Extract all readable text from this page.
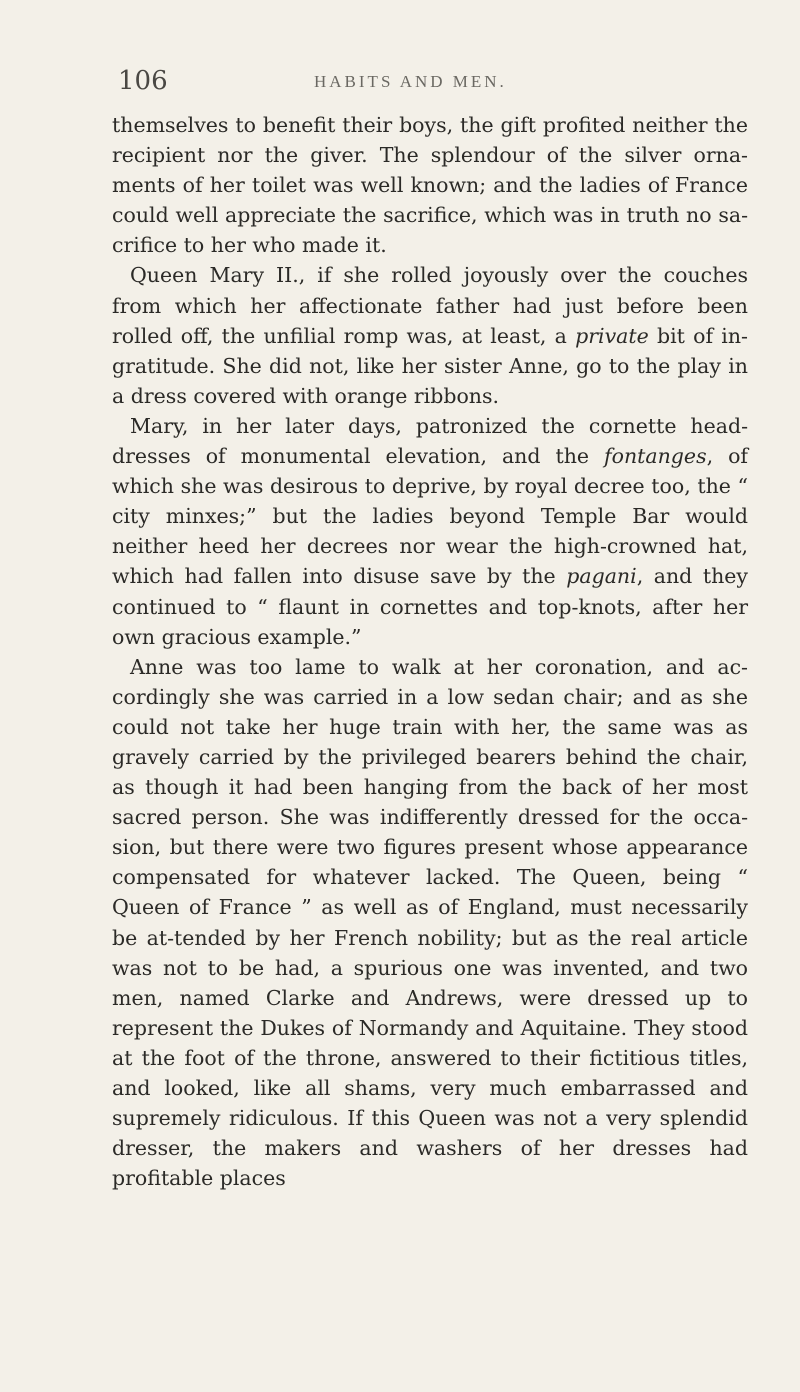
106	HABITS AND MEN.

themselves to benefit their boys, the gift profited neither the recipient nor the giver. The splendour of the silver orna-ments of her toilet was well known; and the ladies of France could well appreciate the sacrifice, which was in truth no sa-crifice to her who made it.

Queen Mary II., if she rolled joyously over the couches from which her affectionate father had just before been rolled off, the unfilial romp was, at least, a private bit of in-gratitude. She did not, like her sister Anne, go to the play in a dress covered with orange ribbons.

Mary, in her later days, patronized the cornette head-dresses of monumental elevation, and the fontanges, of which she was desirous to deprive, by royal decree too, the “ city minxes;” but the ladies beyond Temple Bar would neither heed her decrees nor wear the high-crowned hat, which had fallen into disuse save by the pagani, and they continued to “ flaunt in cornettes and top-knots, after her own gracious example.”

Anne was too lame to walk at her coronation, and ac-cordingly she was carried in a low sedan chair; and as she could not take her huge train with her, the same was as gravely carried by the privileged bearers behind the chair, as though it had been hanging from the back of her most sacred person. She was indifferently dressed for the occa-sion, but there were two figures present whose appearance compensated for whatever lacked. The Queen, being “ Queen of France ” as well as of England, must necessarily be at-tended by her French nobility; but as the real article was not to be had, a spurious one was invented, and two men, named Clarke and Andrews, were dressed up to represent the Dukes of Normandy and Aquitaine. They stood at the foot of the throne, answered to their fictitious titles, and looked, like all shams, very much embarrassed and supremely ridiculous. If this Queen was not a very splendid dresser, the makers and washers of her dresses had profitable places
